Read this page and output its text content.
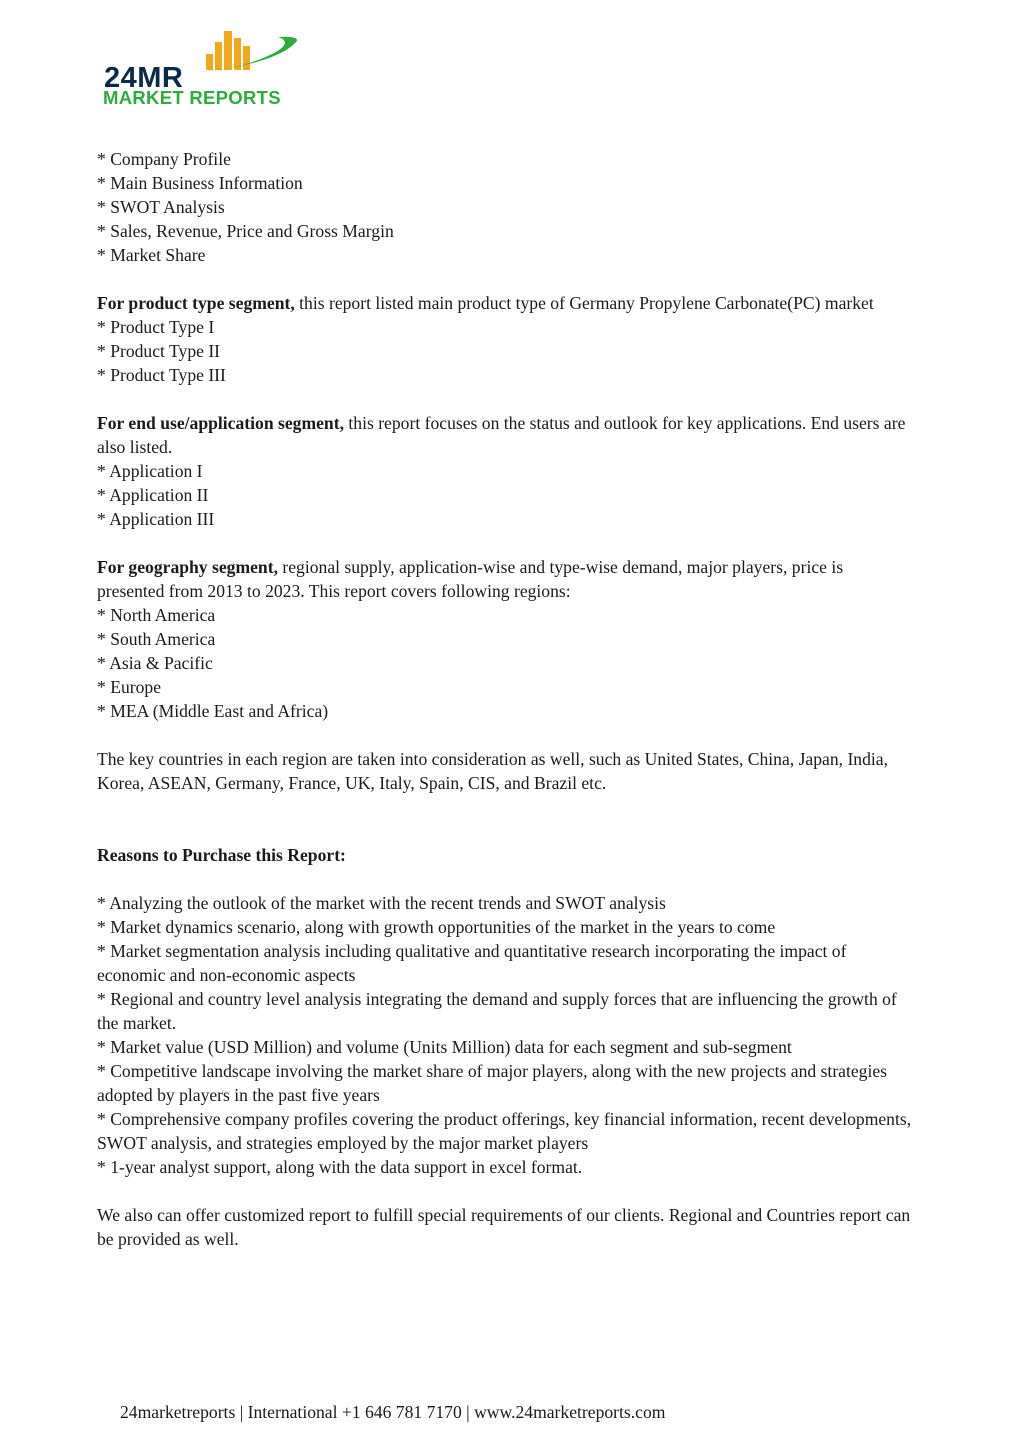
24MR
MARKET REPORTS
* Company Profile
* Main Business Information
* SWOT Analysis
* Sales, Revenue, Price and Gross Margin
* Market Share

For product type segment, this report listed main product type of Germany Propylene Carbonate(PC) market

* Product Type I
* Product Type II
* Product Type III

For end use/application segment, this report focuses on the status and outlook for key applications. End users are also listed.

* Application I
* Application II
* Application III

For geography segment, regional supply, application-wise and type-wise demand, major players, price is presented from 2013 to 2023. This report covers following regions:

* North America
* South America
* Asia & Pacific
* Europe
* MEA (Middle East and Africa)

The key countries in each region are taken into consideration as well, such as United States, China, Japan, India, Korea, ASEAN, Germany, France, UK, Italy, Spain, CIS, and Brazil etc.

Reasons to Purchase this Report:

* Analyzing the outlook of the market with the recent trends and SWOT analysis
* Market dynamics scenario, along with growth opportunities of the market in the years to come
* Market segmentation analysis including qualitative and quantitative research incorporating the impact of economic and non-economic aspects
* Regional and country level analysis integrating the demand and supply forces that are influencing the growth of the market.
* Market value (USD Million) and volume (Units Million) data for each segment and sub-segment
* Competitive landscape involving the market share of major players, along with the new projects and strategies adopted by players in the past five years
* Comprehensive company profiles covering the product offerings, key financial information, recent developments, SWOT analysis, and strategies employed by the major market players
* 1-year analyst support, along with the data support in excel format.

We also can offer customized report to fulfill special requirements of our clients. Regional and Countries report can be provided as well.

24marketreports | International +1 646 781 7170 | www.24marketreports.com
